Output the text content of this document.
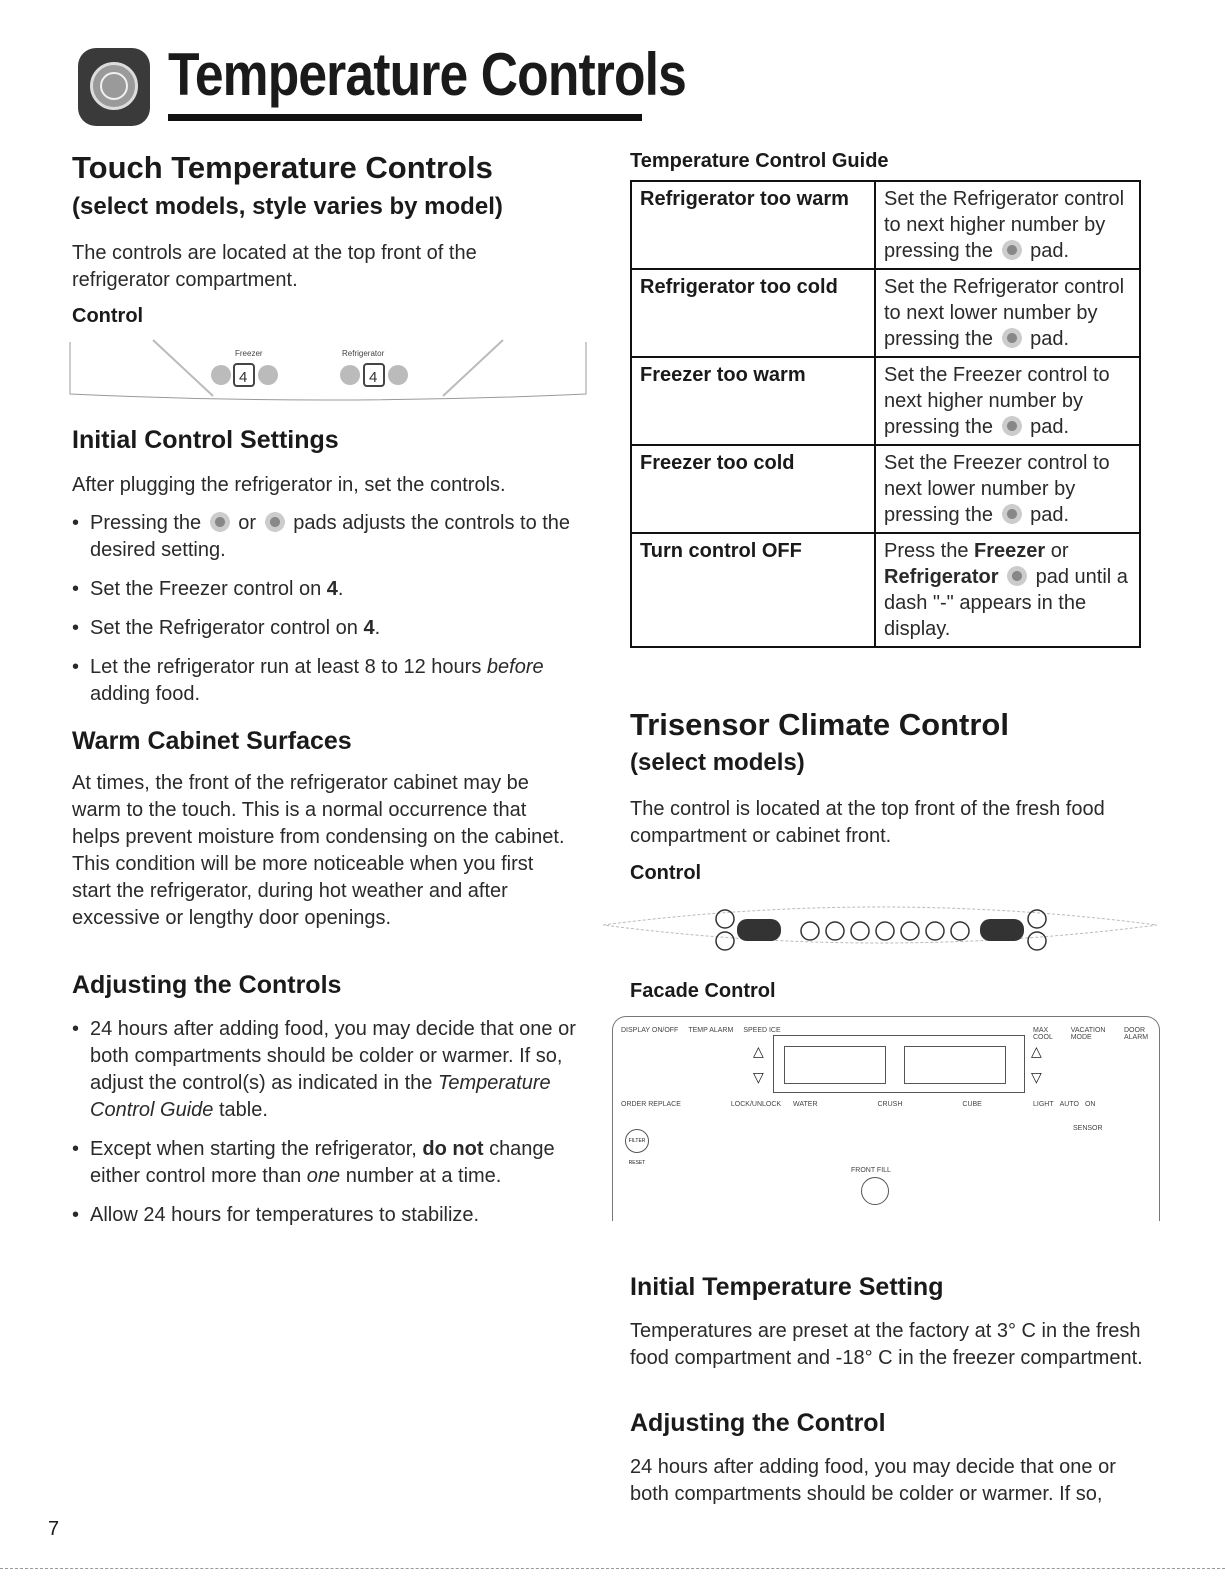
Temperature Controls
Touch Temperature Controls
(select models, style varies by model)
The controls are located at the top front of the refrigerator compartment.
Control
Freezer	Refrigerator
4	4
Initial Control Settings
After plugging the refrigerator in, set the controls.
• Pressing the or pads adjusts the controls to the desired setting.
• Set the Freezer control on 4.
• Set the Refrigerator control on 4.
• Let the refrigerator run at least 8 to 12 hours before adding food.
Warm Cabinet Surfaces
At times, the front of the refrigerator cabinet may be warm to the touch. This is a normal occurrence that helps prevent moisture from condensing on the cabinet. This condition will be more noticeable when you first start the refrigerator, during hot weather and after excessive or lengthy door openings.
Adjusting the Controls
• 24 hours after adding food, you may decide that one or both compartments should be colder or warmer. If so, adjust the control(s) as indicated in the Temperature Control Guide table.
• Except when starting the refrigerator, do not change either control more than one number at a time.
• Allow 24 hours for temperatures to stabilize.
Temperature Control Guide
Refrigerator too warm	Set the Refrigerator control to next higher number by pressing the pad.
Refrigerator too cold	Set the Refrigerator control to next lower number by pressing the pad.
Freezer too warm	Set the Freezer control to next higher number by pressing the pad.
Freezer too cold	Set the Freezer control to next lower number by pressing the pad.
Turn control OFF	Press the Freezer or Refrigerator pad until a dash "-" appears in the display.
Trisensor Climate Control
(select models)
The control is located at the top front of the fresh food compartment or cabinet front.
Control
Facade Control
DISPLAY ON/OFF TEMP ALARM SPEED ICE	MAX COOL
VACATION MODE
DOOR ALARM
△
▽
△
▽
ORDER REPLACE	LOCK/UNLOCK WATER	CRUSH	CUBE	LIGHT AUTO ON
FILTER RESET
SENSOR
FRONT FILL
Initial Temperature Setting
Temperatures are preset at the factory at 3° C in the fresh food compartment and -18° C in the freezer compartment.
Adjusting the Control
24 hours after adding food, you may decide that one or both compartments should be colder or warmer. If so,
7
